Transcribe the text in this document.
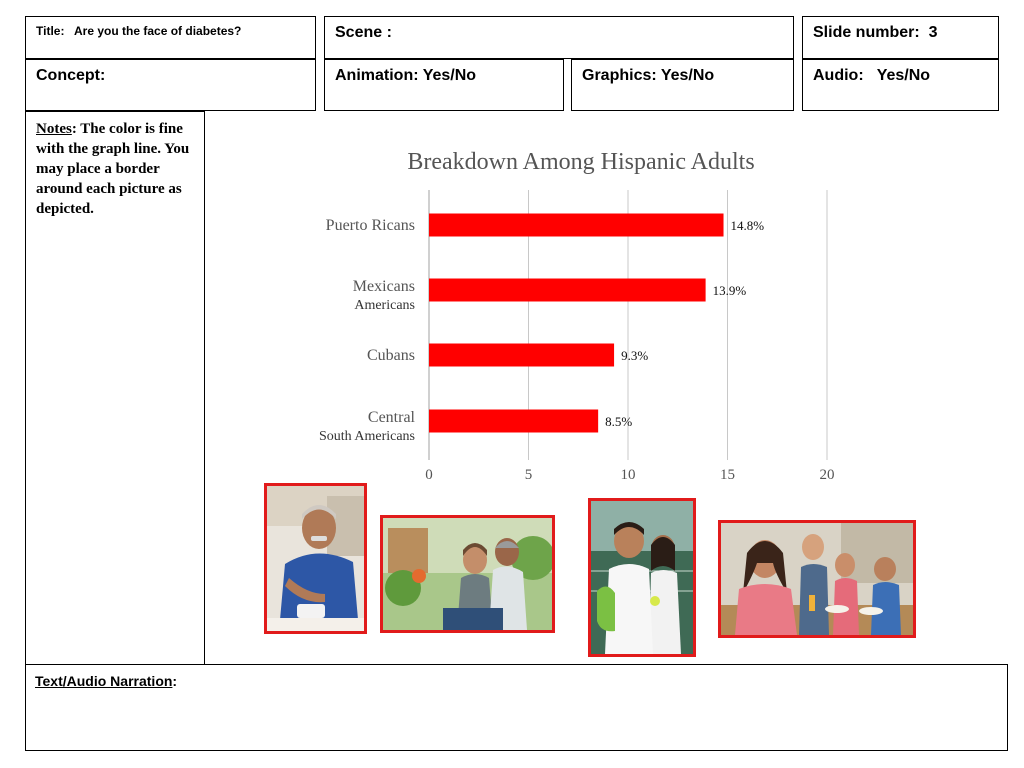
Title: Are you the face of diabetes?	Scene :	Slide number: 3
Concept:	Animation: Yes/No	Graphics: Yes/No	Audio: Yes/No
Notes: The color is fine with the graph line. You may place a border around each picture as depicted.
Breakdown Among Hispanic Adults
Puerto Ricans
Mexicans
Americans
Cubans
Central
South Americans
14.8%
13.9%
9.3%
8.5%
0	5	10	15	20
Text/Audio Narration:
